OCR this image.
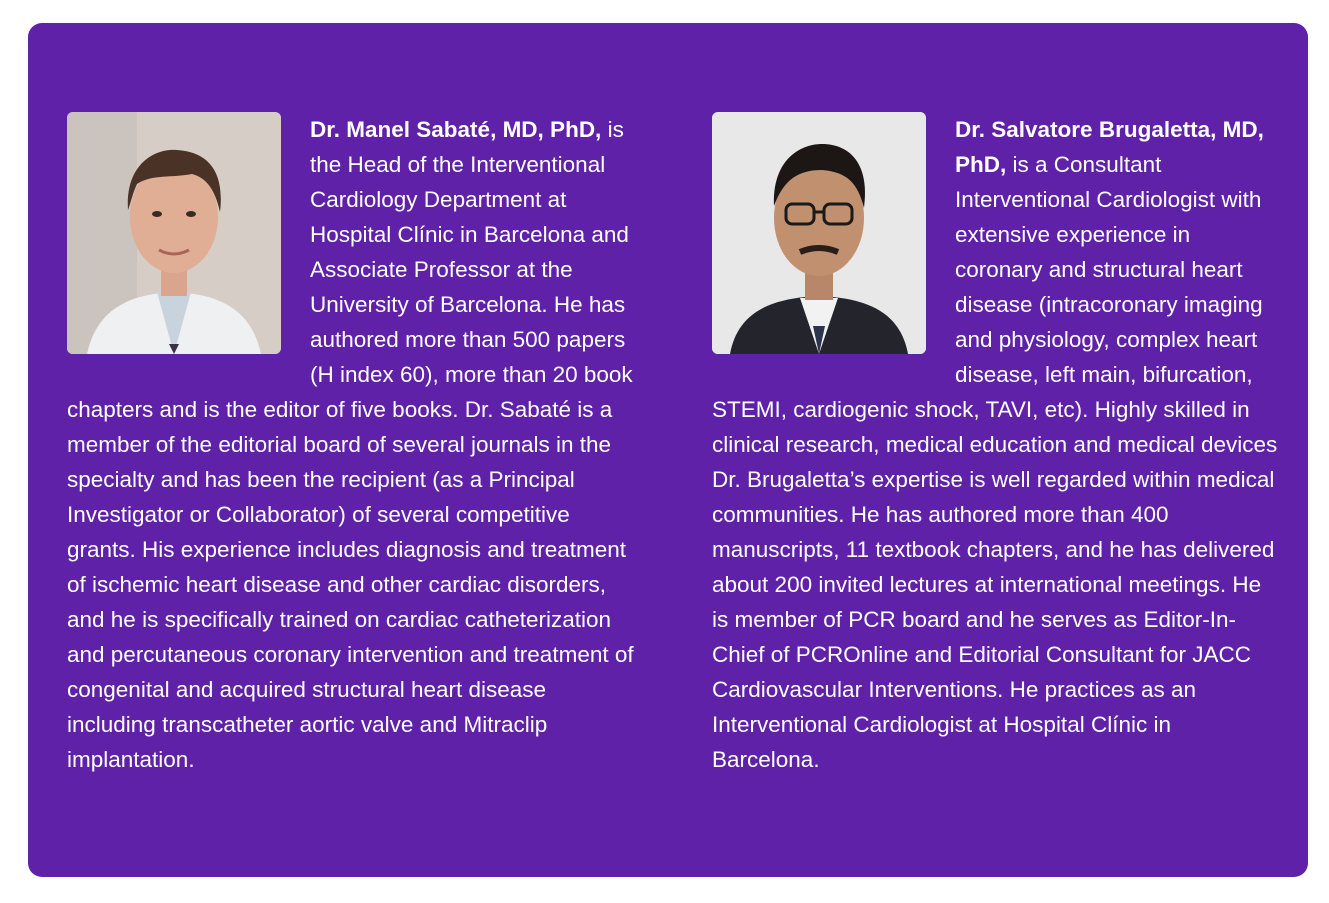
Dr. Manel Sabaté, MD, PhD, is the Head of the Interventional Cardiology Department at Hospital Clínic in Barcelona and Associate Professor at the University of Barcelona. He has authored more than 500 papers (H index 60), more than 20 book chapters and is the editor of five books. Dr. Sabaté is a member of the editorial board of several journals in the specialty and has been the recipient (as a Principal Investigator or Collaborator) of several competitive grants. His experience includes diagnosis and treatment of ischemic heart disease and other cardiac disorders, and he is specifically trained on cardiac catheterization and percutaneous coronary intervention and treatment of congenital and acquired structural heart disease including transcatheter aortic valve and Mitraclip implantation.

Dr. Salvatore Brugaletta, MD, PhD, is a Consultant Interventional Cardiologist with extensive experience in coronary and structural heart disease (intracoronary imaging and physiology, complex heart disease, left main, bifurcation, STEMI, cardiogenic shock, TAVI, etc). Highly skilled in clinical research, medical education and medical devices Dr. Brugaletta’s expertise is well regarded within medical communities. He has authored more than 400 manuscripts, 11 textbook chapters, and he has delivered about 200 invited lectures at international meetings. He is member of PCR board and he serves as Editor-In-Chief of PCROnline and Editorial Consultant for JACC Cardiovascular Interventions. He practices as an Interventional Cardiologist at Hospital Clínic in Barcelona.
